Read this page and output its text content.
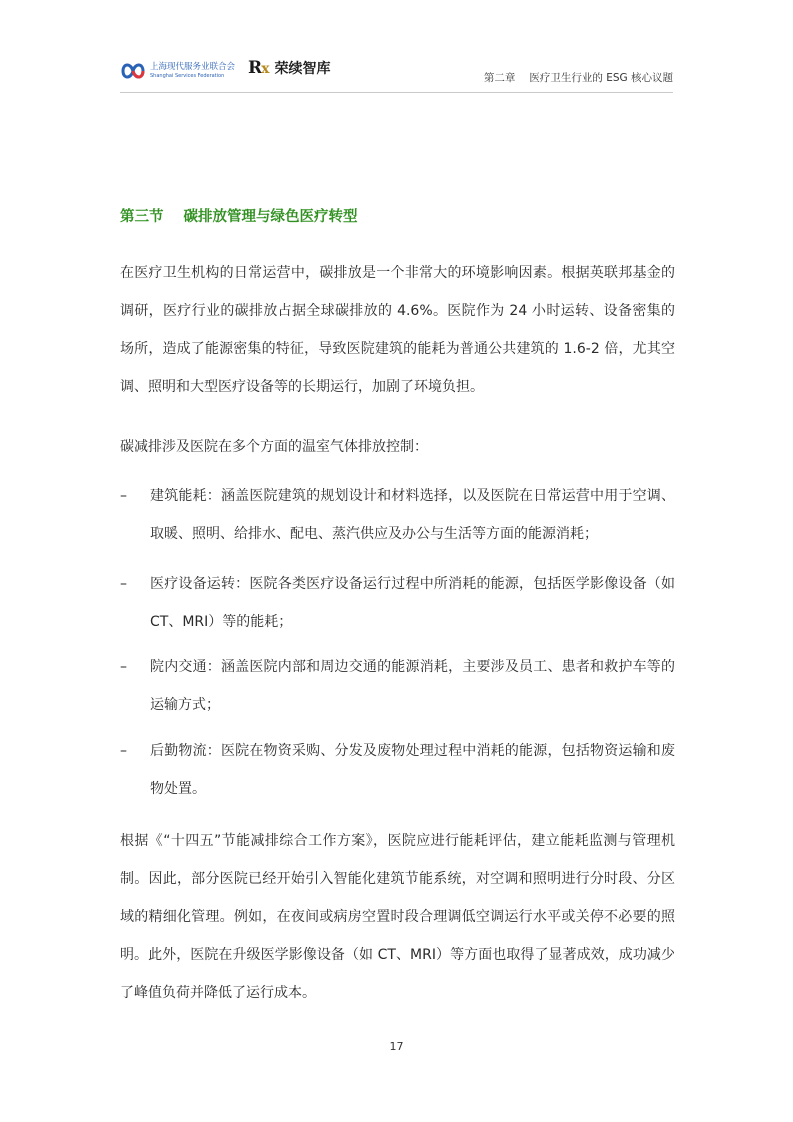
上海现代服务业联合会
Shanghai Services Federation	Rx 荣续智库
第二章 医疗卫生行业的 ESG 核心议题
第三节 碳排放管理与绿色医疗转型

在医疗卫生机构的日常运营中，碳排放是一个非常大的环境影响因素。根据英联邦基金的调研，医疗行业的碳排放占据全球碳排放的 4.6%。医院作为 24 小时运转、设备密集的场所，造成了能源密集的特征，导致医院建筑的能耗为普通公共建筑的 1.6-2 倍，尤其空调、照明和大型医疗设备等的长期运行，加剧了环境负担。

碳减排涉及医院在多个方面的温室气体排放控制：

–	建筑能耗：涵盖医院建筑的规划设计和材料选择，以及医院在日常运营中用于空调、取暖、照明、给排水、配电、蒸汽供应及办公与生活等方面的能源消耗；
–	医疗设备运转：医院各类医疗设备运行过程中所消耗的能源，包括医学影像设备（如 CT、MRI）等的能耗；
–	院内交通：涵盖医院内部和周边交通的能源消耗，主要涉及员工、患者和救护车等的运输方式；
–	后勤物流：医院在物资采购、分发及废物处理过程中消耗的能源，包括物资运输和废物处置。

根据《“十四五”节能减排综合工作方案》，医院应进行能耗评估，建立能耗监测与管理机制。因此，部分医院已经开始引入智能化建筑节能系统，对空调和照明进行分时段、分区域的精细化管理。例如，在夜间或病房空置时段合理调低空调运行水平或关停不必要的照明。此外，医院在升级医学影像设备（如 CT、MRI）等方面也取得了显著成效，成功减少了峰值负荷并降低了运行成本。

17
